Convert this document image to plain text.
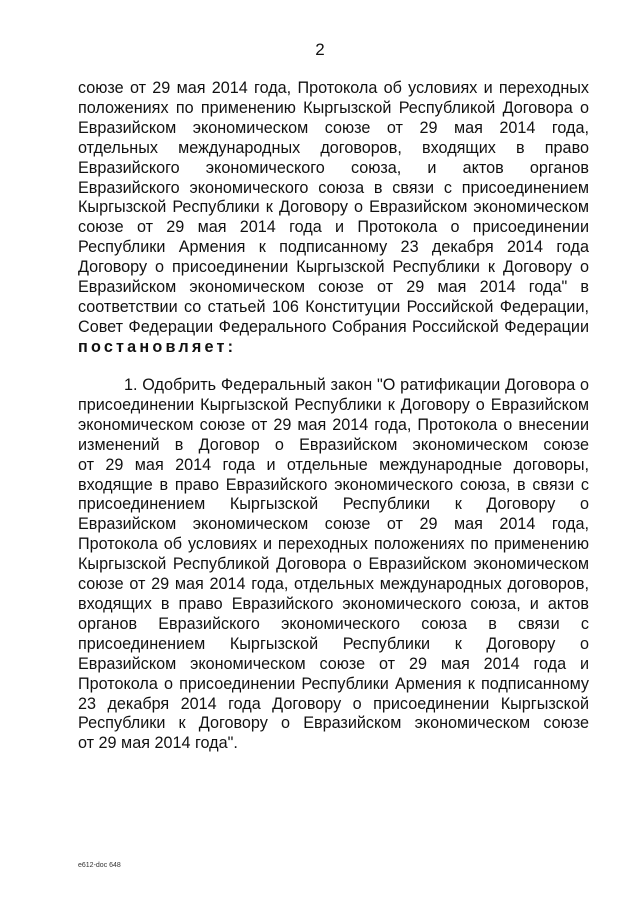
2
союзе от 29 мая 2014 года, Протокола об условиях и переходных
положениях по применению Кыргызской Республикой Договора о
Евразийском экономическом союзе от 29 мая 2014 года,
отдельных международных договоров, входящих в право
Евразийского экономического союза, и актов органов
Евразийского экономического союза в связи с присоединением
Кыргызской Республики к Договору о Евразийском экономическом
союзе от 29 мая 2014 года и Протокола о присоединении
Республики Армения к подписанному 23 декабря 2014 года
Договору о присоединении Кыргызской Республики к Договору о
Евразийском экономическом союзе от 29 мая 2014 года" в
соответствии со статьей 106 Конституции Российской Федерации,
Совет Федерации Федерального Собрания Российской Федерации
постановляет:
1. Одобрить Федеральный закон "О ратификации Договора о
присоединении Кыргызской Республики к Договору о Евразийском
экономическом союзе от 29 мая 2014 года, Протокола о внесении
изменений в Договор о Евразийском экономическом союзе
от 29 мая 2014 года и отдельные международные договоры,
входящие в право Евразийского экономического союза, в связи с
присоединением Кыргызской Республики к Договору о
Евразийском экономическом союзе от 29 мая 2014 года,
Протокола об условиях и переходных положениях по применению
Кыргызской Республикой Договора о Евразийском экономическом
союзе от 29 мая 2014 года, отдельных международных договоров,
входящих в право Евразийского экономического союза, и актов
органов Евразийского экономического союза в связи с
присоединением Кыргызской Республики к Договору о
Евразийском экономическом союзе от 29 мая 2014 года и
Протокола о присоединении Республики Армения к подписанному
23 декабря 2014 года Договору о присоединении Кыргызской
Республики к Договору о Евразийском экономическом союзе
от 29 мая 2014 года".
e612-doc 648
